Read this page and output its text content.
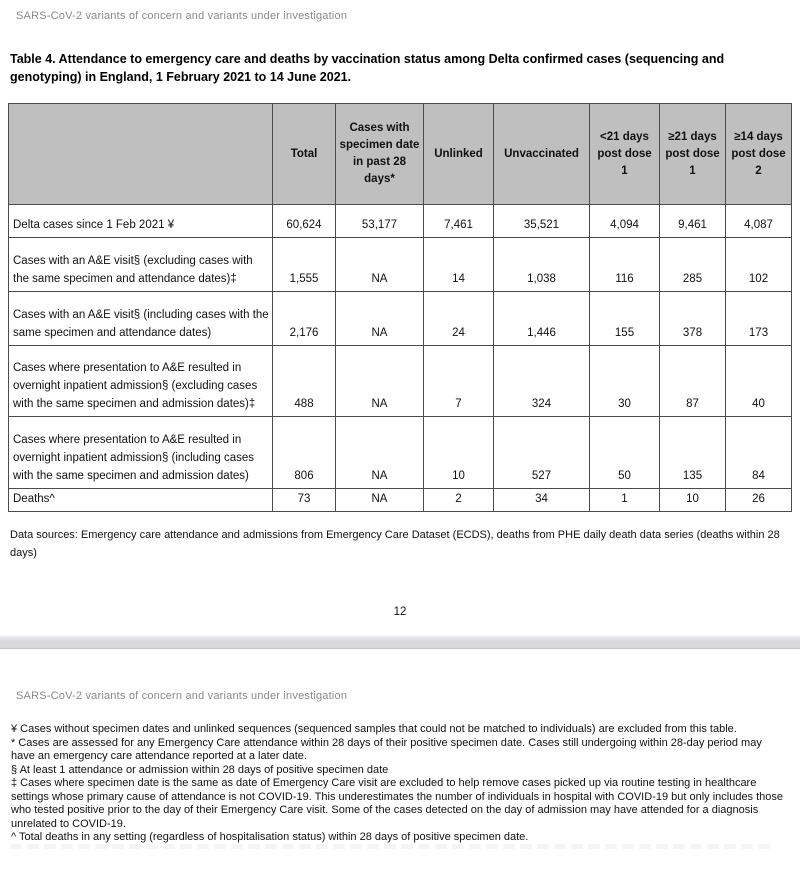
SARS-CoV-2 variants of concern and variants under investigation
Table 4. Attendance to emergency care and deaths by vaccination status among Delta confirmed cases (sequencing and genotyping) in England, 1 February 2021 to 14 June 2021.
	Total	Cases with specimen date in past 28 days*	Unlinked	Unvaccinated	<21 days post dose 1	≥21 days post dose 1	≥14 days post dose 2
Delta cases since 1 Feb 2021 ¥	60,624	53,177	7,461	35,521	4,094	9,461	4,087
Cases with an A&E visit§ (excluding cases with the same specimen and attendance dates)‡	1,555	NA	14	1,038	116	285	102
Cases with an A&E visit§ (including cases with the same specimen and attendance dates)	2,176	NA	24	1,446	155	378	173
Cases where presentation to A&E resulted in overnight inpatient admission§ (excluding cases with the same specimen and admission dates)‡	488	NA	7	324	30	87	40
Cases where presentation to A&E resulted in overnight inpatient admission§ (including cases with the same specimen and admission dates)	806	NA	10	527	50	135	84
Deaths^	73	NA	2	34	1	10	26
Data sources: Emergency care attendance and admissions from Emergency Care Dataset (ECDS), deaths from PHE daily death data series (deaths within 28 days)
12
SARS-CoV-2 variants of concern and variants under investigation

¥ Cases without specimen dates and unlinked sequences (sequenced samples that could not be matched to individuals) are excluded from this table.

* Cases are assessed for any Emergency Care attendance within 28 days of their positive specimen date. Cases still undergoing within 28-day period may have an emergency care attendance reported at a later date.

§ At least 1 attendance or admission within 28 days of positive specimen date

‡ Cases where specimen date is the same as date of Emergency Care visit are excluded to help remove cases picked up via routine testing in healthcare settings whose primary cause of attendance is not COVID-19. This underestimates the number of individuals in hospital with COVID-19 but only includes those who tested positive prior to the day of their Emergency Care visit. Some of the cases detected on the day of admission may have attended for a diagnosis unrelated to COVID-19.

^ Total deaths in any setting (regardless of hospitalisation status) within 28 days of positive specimen date.
